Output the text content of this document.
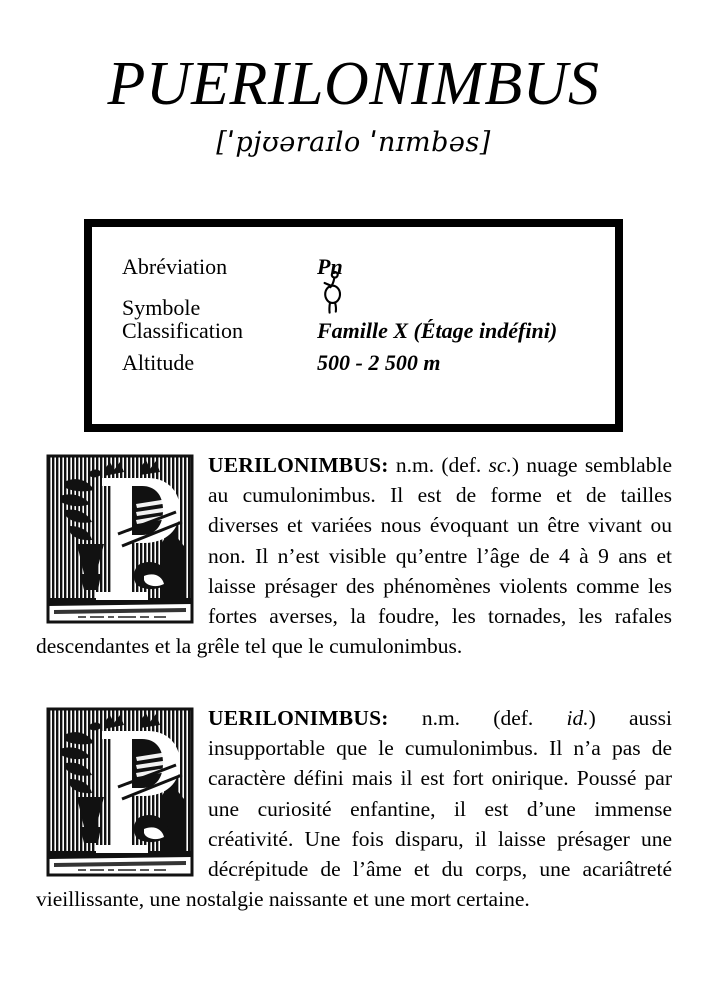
PUERILONIMBUS
[ˈpjʊəraɪlo ˈnɪmbəs]
Abréviation	Pn
Symbole
Classification	Famille X (Étage indéfini)
Altitude	500 - 2 500 m

UERILONIMBUS: n.m. (def. sc.) nuage semblable au cumulonimbus. Il est de forme et de tailles diverses et variées nous évoquant un être vivant ou non. Il n’est visible qu’entre l’âge de 4 à 9 ans et laisse présager des phénomènes violents comme les fortes averses, la foudre, les tornades, les rafales descendantes et la grêle tel que le cumulonimbus.

UERILONIMBUS: n.m. (def. id.) aussi insupportable que le cumulonimbus. Il n’a pas de caractère défini mais il est fort onirique. Poussé par une curiosité enfantine, il est d’une immense créativité. Une fois disparu, il laisse présager une décrépitude de l’âme et du corps, une acariâtreté vieillissante, une nostalgie naissante et une mort certaine.
